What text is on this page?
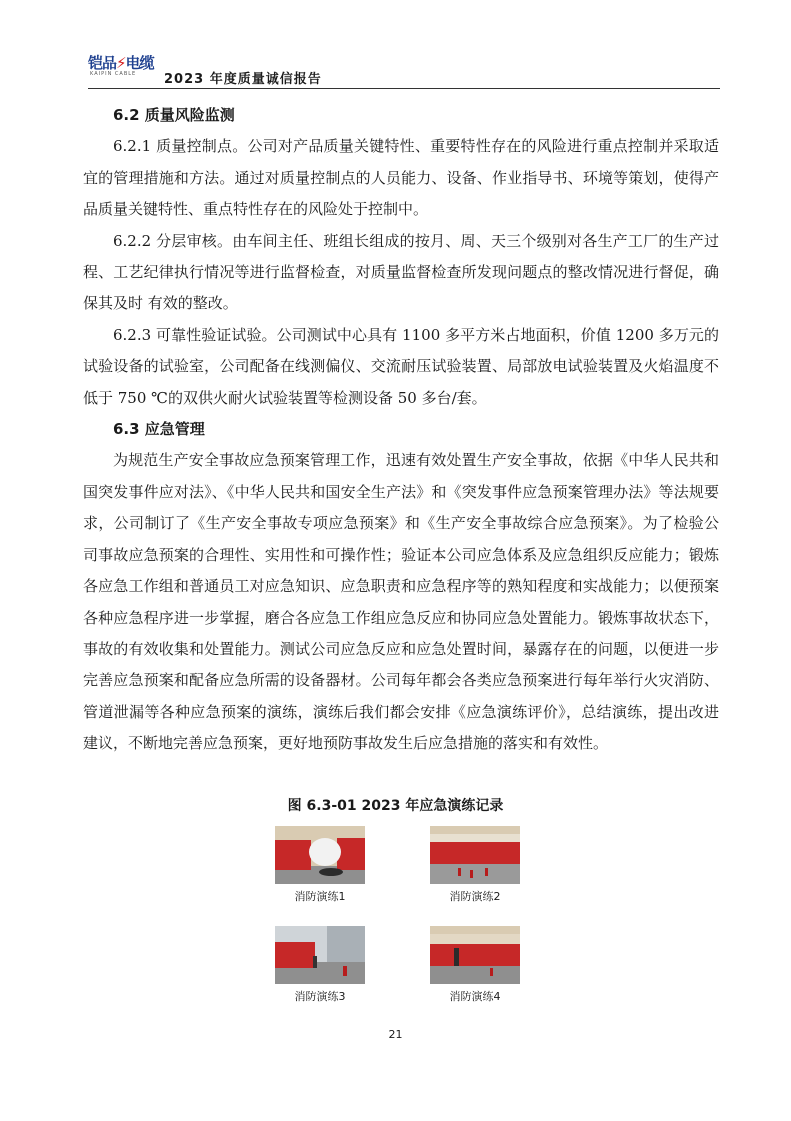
铠品⚡电缆
KAIPIN CABLE 2023 年度质量诚信报告

6.2 质量风险监测

6.2.1 质量控制点。公司对产品质量关键特性、重要特性存在的风险进行重点控制并采取适宜的管理措施和方法。通过对质量控制点的人员能力、设备、作业指导书、环境等策划，使得产品质量关键特性、重点特性存在的风险处于控制中。

6.2.2 分层审核。由车间主任、班组长组成的按月、周、天三个级别对各生产工厂的生产过程、工艺纪律执行情况等进行监督检查，对质量监督检查所发现问题点的整改情况进行督促，确保其及时 有效的整改。

6.2.3 可靠性验证试验。公司测试中心具有 1100 多平方米占地面积，价值 1200 多万元的试验设备的试验室，公司配备在线测偏仪、交流耐压试验装置、局部放电试验装置及火焰温度不低于 750 ℃的双供火耐火试验装置等检测设备 50 多台/套。

6.3 应急管理

为规范生产安全事故应急预案管理工作，迅速有效处置生产安全事故，依据《中华人民共和国突发事件应对法》、《中华人民共和国安全生产法》和《突发事件应急预案管理办法》等法规要求，公司制订了《生产安全事故专项应急预案》和《生产安全事故综合应急预案》。为了检验公司事故应急预案的合理性、实用性和可操作性；验证本公司应急体系及应急组织反应能力；锻炼各应急工作组和普通员工对应急知识、应急职责和应急程序等的熟知程度和实战能力；以便预案各种应急程序进一步掌握，磨合各应急工作组应急反应和协同应急处置能力。锻炼事故状态下，事故的有效收集和处置能力。测试公司应急反应和应急处置时间，暴露存在的问题，以便进一步完善应急预案和配备应急所需的设备器材。公司每年都会各类应急预案进行每年举行火灾消防、管道泄漏等各种应急预案的演练，演练后我们都会安排《应急演练评价》，总结演练，提出改进建议，不断地完善应急预案，更好地预防事故发生后应急措施的落实和有效性。

图 6.3-01 2023 年应急演练记录
消防演练1	消防演练2
消防演练3	消防演练4
21
